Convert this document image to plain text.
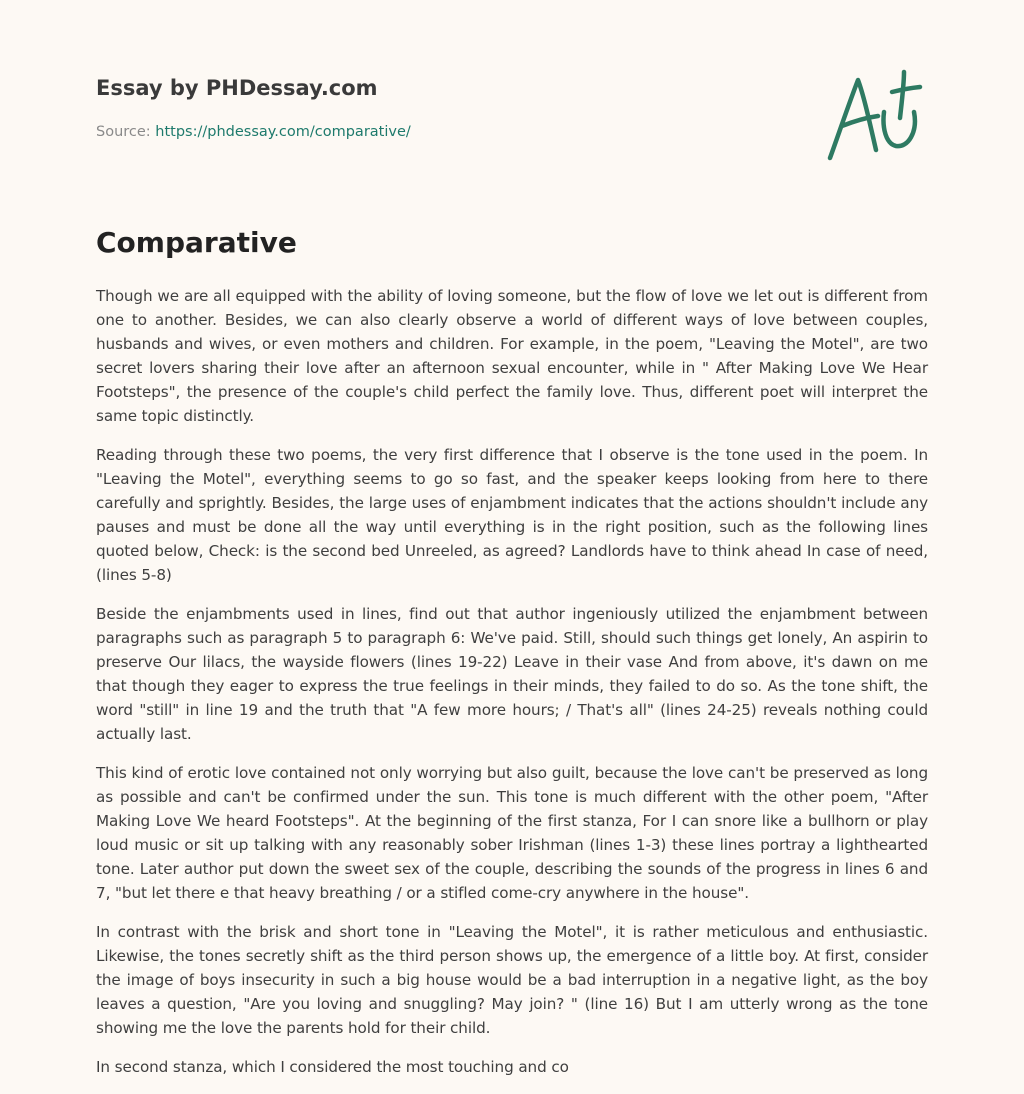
Essay by PHDessay.com
Source: https://phdessay.com/comparative/
Comparative

Though we are all equipped with the ability of loving someone, but the flow of love we let out is different from one to another. Besides, we can also clearly observe a world of different ways of love between couples, husbands and wives, or even mothers and children. For example, in the poem, "Leaving the Motel", are two secret lovers sharing their love after an afternoon sexual encounter, while in " After Making Love We Hear Footsteps", the presence of the couple's child perfect the family love. Thus, different poet will interpret the same topic distinctly.

Reading through these two poems, the very first difference that I observe is the tone used in the poem. In "Leaving the Motel", everything seems to go so fast, and the speaker keeps looking from here to there carefully and sprightly. Besides, the large uses of enjambment indicates that the actions shouldn't include any pauses and must be done all the way until everything is in the right position, such as the following lines quoted below, Check: is the second bed Unreeled, as agreed? Landlords have to think ahead In case of need, (lines 5-8)

Beside the enjambments used in lines, find out that author ingeniously utilized the enjambment between paragraphs such as paragraph 5 to paragraph 6: We've paid. Still, should such things get lonely, An aspirin to preserve Our lilacs, the wayside flowers (lines 19-22) Leave in their vase And from above, it's dawn on me that though they eager to express the true feelings in their minds, they failed to do so. As the tone shift, the word "still" in line 19 and the truth that "A few more hours; / That's all" (lines 24-25) reveals nothing could actually last.

This kind of erotic love contained not only worrying but also guilt, because the love can't be preserved as long as possible and can't be confirmed under the sun. This tone is much different with the other poem, "After Making Love We heard Footsteps". At the beginning of the first stanza, For I can snore like a bullhorn or play loud music or sit up talking with any reasonably sober Irishman (lines 1-3) these lines portray a lighthearted tone. Later author put down the sweet sex of the couple, describing the sounds of the progress in lines 6 and 7, "but let there e that heavy breathing / or a stifled come-cry anywhere in the house".

In contrast with the brisk and short tone in "Leaving the Motel", it is rather meticulous and enthusiastic. Likewise, the tones secretly shift as the third person shows up, the emergence of a little boy. At first, consider the image of boys insecurity in such a big house would be a bad interruption in a negative light, as the boy leaves a question, "Are you loving and snuggling? May join? " (line 16) But I am utterly wrong as the tone showing me the love the parents hold for their child.

In second stanza, which I considered the most touching and co
